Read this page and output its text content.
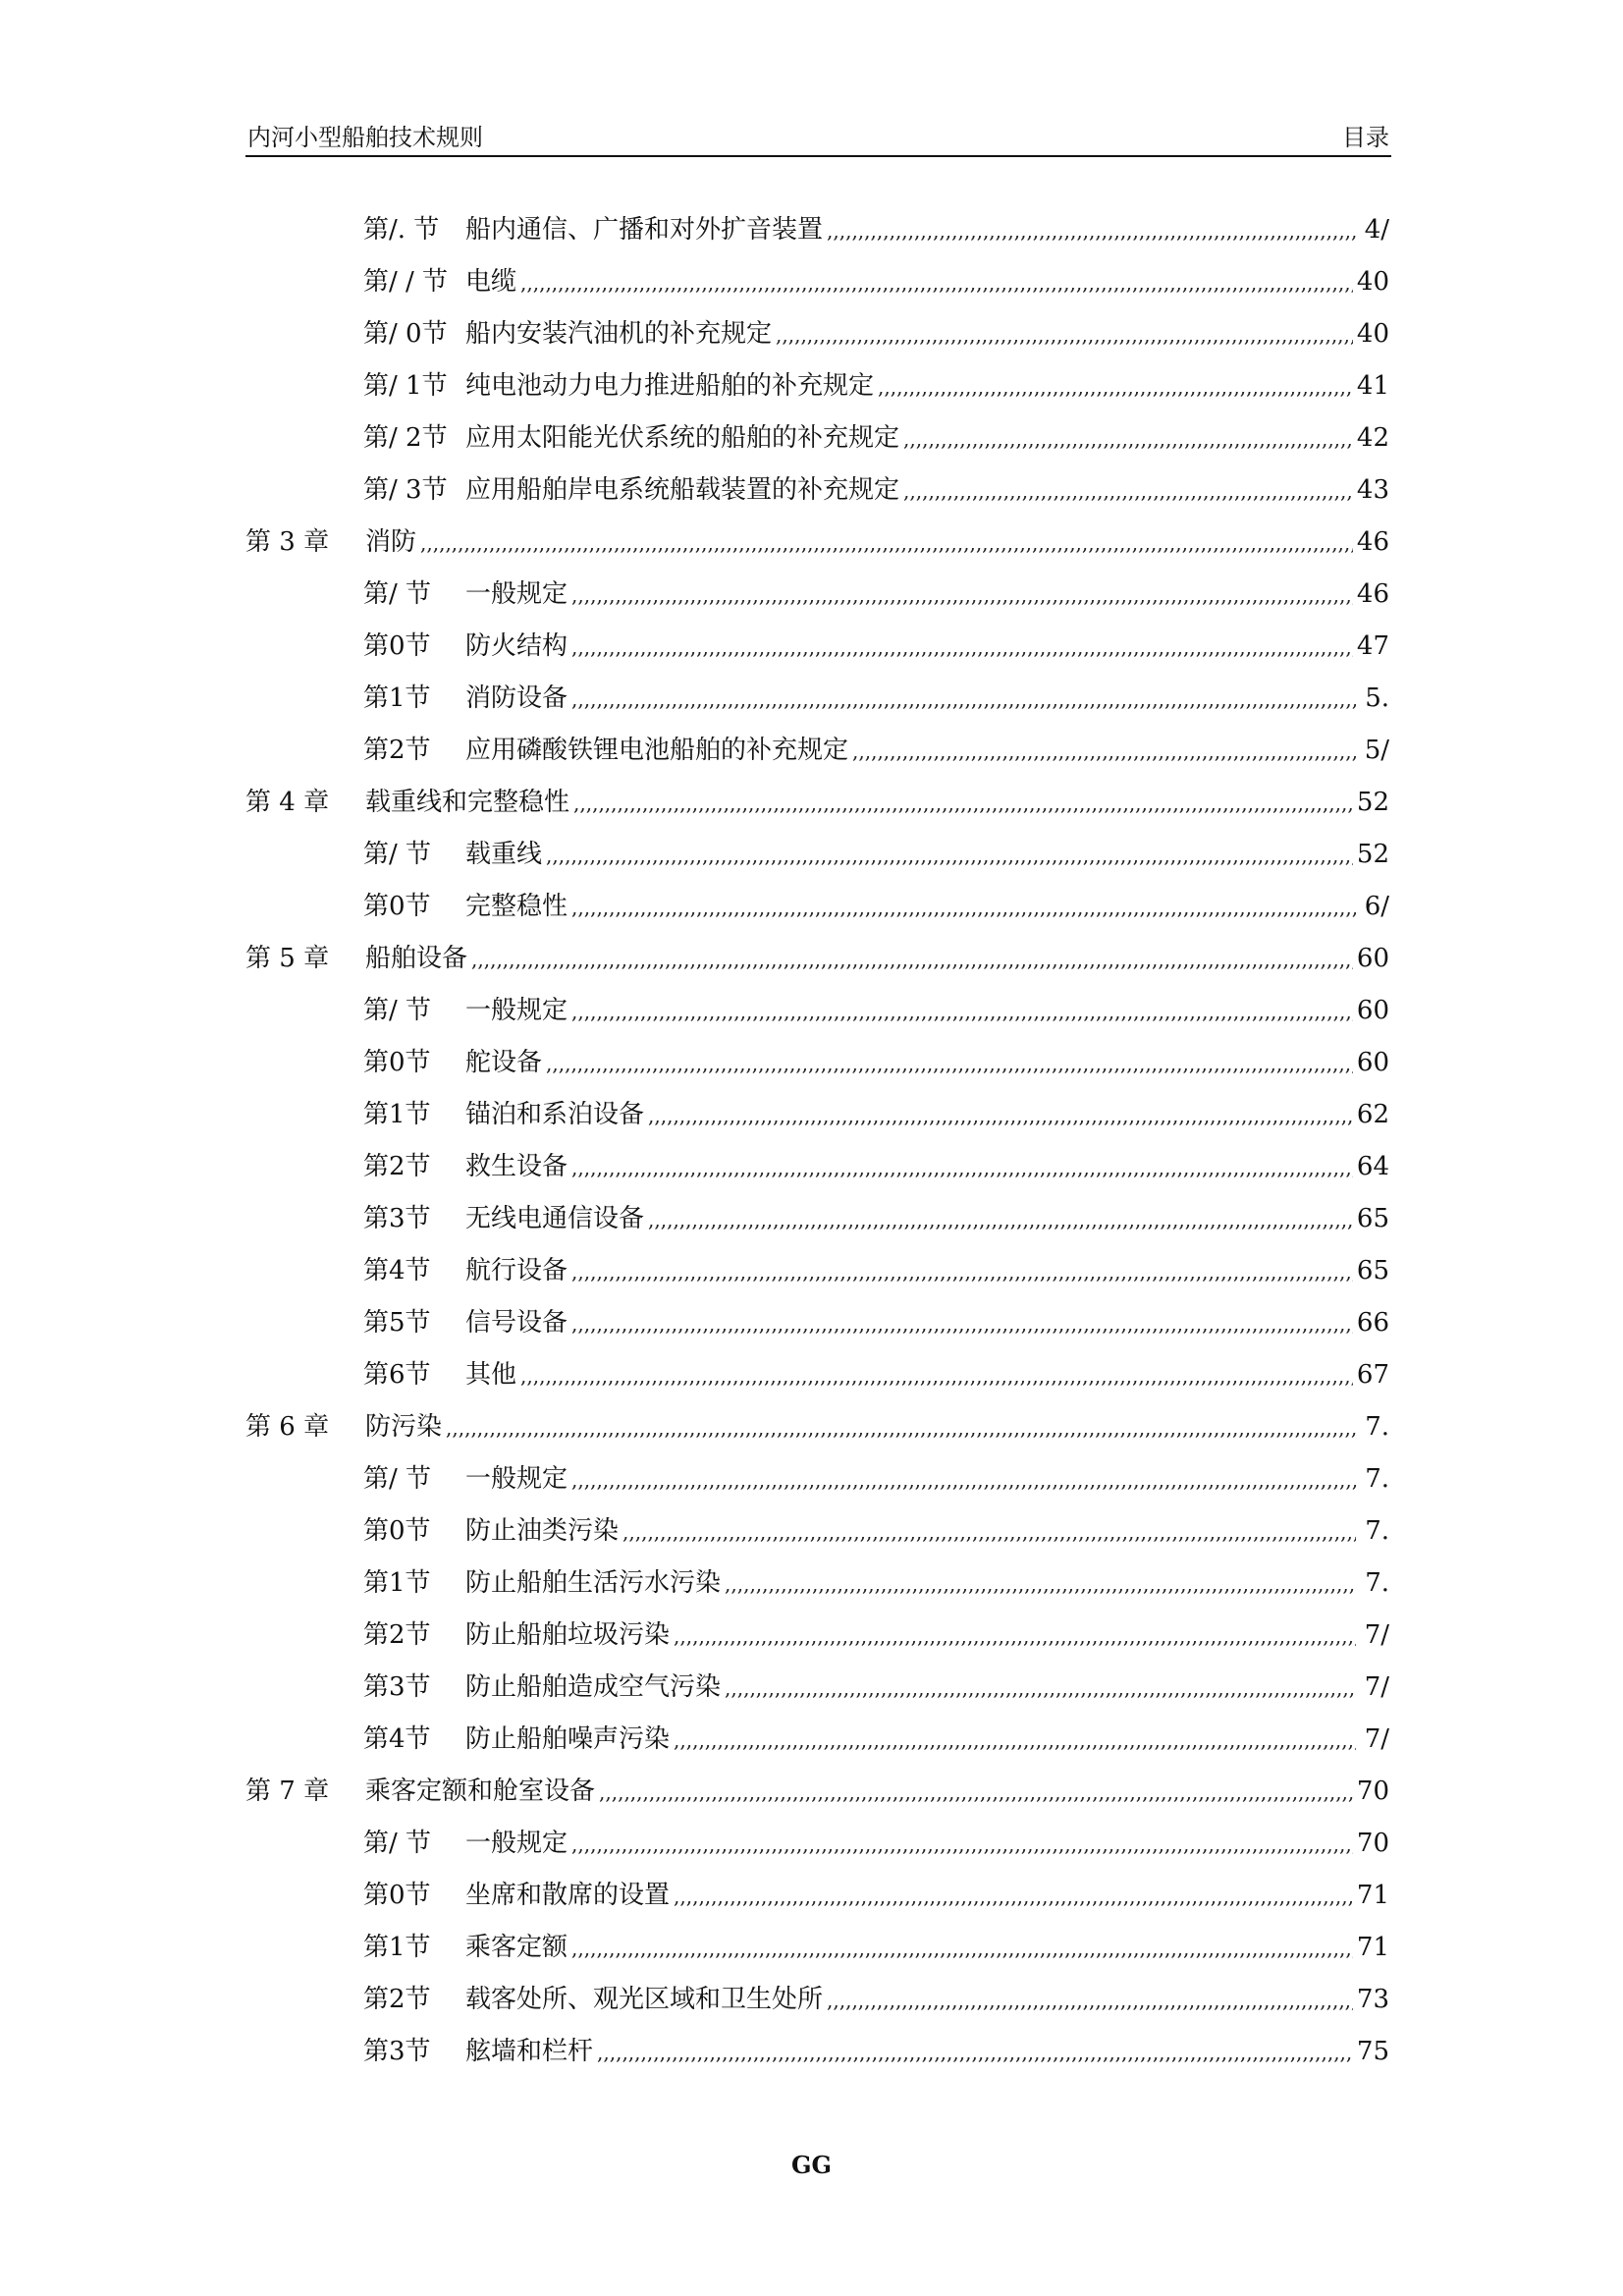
内河小型船舶技术规则	目录
第/. 节	船内通信、广播和对外扩音装置 ,,,,,,,,,,,,,,,,,,,,,,,,,,,,,,,,,,,,,,,,,,,,,,,,,,,,,,,,,,,,,,,,,,,,,,,,,,,,,,,,,,,,,,,,,,,,,,,,,,,,,,,,,,,,,,,,,,,,,,,,,,,,,,,,,,,,,,,,,,,,,,,,,,,,,,,,,,,,,,,,,,,,,,,,,,,,,,,,,,,,,,,,,,,,,,,,,,	4/
第/ / 节 电缆 ,,,,,,,,,,,,,,,,,,,,,,,,,,,,,,,,,,,,,,,,,,,,,,,,,,,,,,,,,,,,,,,,,,,,,,,,,,,,,,,,,,,,,,,,,,,,,,,,,,,,,,,,,,,,,,,,,,,,,,,,,,,,,,,,,,,,,,,,,,,,,,,,,,,,,,,,,,,,,,,,,,,,,,,,,,,,,,,,,,,,,,,,,,,,,,,,,,	40
第/ 0节 船内安装汽油机的补充规定 ,,,,,,,,,,,,,,,,,,,,,,,,,,,,,,,,,,,,,,,,,,,,,,,,,,,,,,,,,,,,,,,,,,,,,,,,,,,,,,,,,,,,,,,,,,,,,,,,,,,,,,,,,,,,,,,,,,,,,,,,,,,,,,,,,,,,,,,,,,,,,,,,,,,,,,,,,,,,,,,,,,,,,,,,,,,,,,,,,,,,,,,,,,,,,,,,,,	40
第/ 1节 纯电池动力电力推进船舶的补充规定 ,,,,,,,,,,,,,,,,,,,,,,,,,,,,,,,,,,,,,,,,,,,,,,,,,,,,,,,,,,,,,,,,,,,,,,,,,,,,,,,,,,,,,,,,,,,,,,,,,,,,,,,,,,,,,,,,,,,,,,,,,,,,,,,,,,,,,,,,,,,,,,,,,,,,,,,,,,,,,,,,,,,,,,,,,,,,,,,,,,,,,,,,,,,,,,,,,,	41
第/ 2节 应用太阳能光伏系统的船舶的补充规定 ,,,,,,,,,,,,,,,,,,,,,,,,,,,,,,,,,,,,,,,,,,,,,,,,,,,,,,,,,,,,,,,,,,,,,,,,,,,,,,,,,,,,,,,,,,,,,,,,,,,,,,,,,,,,,,,,,,,,,,,,,,,,,,,,,,,,,,,,,,,,,,,,,,,,,,,,,,,,,,,,,,,,,,,,,,,,,,,,,,,,,,,,,,,,,,,,,,	42
第/ 3节 应用船舶岸电系统船载装置的补充规定 ,,,,,,,,,,,,,,,,,,,,,,,,,,,,,,,,,,,,,,,,,,,,,,,,,,,,,,,,,,,,,,,,,,,,,,,,,,,,,,,,,,,,,,,,,,,,,,,,,,,,,,,,,,,,,,,,,,,,,,,,,,,,,,,,,,,,,,,,,,,,,,,,,,,,,,,,,,,,,,,,,,,,,,,,,,,,,,,,,,,,,,,,,,,,,,,,,,	43
第 3 章	消防 ,,,,,,,,,,,,,,,,,,,,,,,,,,,,,,,,,,,,,,,,,,,,,,,,,,,,,,,,,,,,,,,,,,,,,,,,,,,,,,,,,,,,,,,,,,,,,,,,,,,,,,,,,,,,,,,,,,,,,,,,,,,,,,,,,,,,,,,,,,,,,,,,,,,,,,,,,,,,,,,,,,,,,,,,,,,,,,,,,,,,,,,,,,,,,,,,,,	46
第/ 节	一般规定 ,,,,,,,,,,,,,,,,,,,,,,,,,,,,,,,,,,,,,,,,,,,,,,,,,,,,,,,,,,,,,,,,,,,,,,,,,,,,,,,,,,,,,,,,,,,,,,,,,,,,,,,,,,,,,,,,,,,,,,,,,,,,,,,,,,,,,,,,,,,,,,,,,,,,,,,,,,,,,,,,,,,,,,,,,,,,,,,,,,,,,,,,,,,,,,,,,,	46
第0节	防火结构 ,,,,,,,,,,,,,,,,,,,,,,,,,,,,,,,,,,,,,,,,,,,,,,,,,,,,,,,,,,,,,,,,,,,,,,,,,,,,,,,,,,,,,,,,,,,,,,,,,,,,,,,,,,,,,,,,,,,,,,,,,,,,,,,,,,,,,,,,,,,,,,,,,,,,,,,,,,,,,,,,,,,,,,,,,,,,,,,,,,,,,,,,,,,,,,,,,,	47
第1节	消防设备 ,,,,,,,,,,,,,,,,,,,,,,,,,,,,,,,,,,,,,,,,,,,,,,,,,,,,,,,,,,,,,,,,,,,,,,,,,,,,,,,,,,,,,,,,,,,,,,,,,,,,,,,,,,,,,,,,,,,,,,,,,,,,,,,,,,,,,,,,,,,,,,,,,,,,,,,,,,,,,,,,,,,,,,,,,,,,,,,,,,,,,,,,,,,,,,,,,,	5.
第2节	应用磷酸铁锂电池船舶的补充规定 ,,,,,,,,,,,,,,,,,,,,,,,,,,,,,,,,,,,,,,,,,,,,,,,,,,,,,,,,,,,,,,,,,,,,,,,,,,,,,,,,,,,,,,,,,,,,,,,,,,,,,,,,,,,,,,,,,,,,,,,,,,,,,,,,,,,,,,,,,,,,,,,,,,,,,,,,,,,,,,,,,,,,,,,,,,,,,,,,,,,,,,,,,,,,,,,,,,	5/
第 4 章	载重线和完整稳性 ,,,,,,,,,,,,,,,,,,,,,,,,,,,,,,,,,,,,,,,,,,,,,,,,,,,,,,,,,,,,,,,,,,,,,,,,,,,,,,,,,,,,,,,,,,,,,,,,,,,,,,,,,,,,,,,,,,,,,,,,,,,,,,,,,,,,,,,,,,,,,,,,,,,,,,,,,,,,,,,,,,,,,,,,,,,,,,,,,,,,,,,,,,,,,,,,,,	52
第/ 节	载重线 ,,,,,,,,,,,,,,,,,,,,,,,,,,,,,,,,,,,,,,,,,,,,,,,,,,,,,,,,,,,,,,,,,,,,,,,,,,,,,,,,,,,,,,,,,,,,,,,,,,,,,,,,,,,,,,,,,,,,,,,,,,,,,,,,,,,,,,,,,,,,,,,,,,,,,,,,,,,,,,,,,,,,,,,,,,,,,,,,,,,,,,,,,,,,,,,,,,	52
第0节	完整稳性 ,,,,,,,,,,,,,,,,,,,,,,,,,,,,,,,,,,,,,,,,,,,,,,,,,,,,,,,,,,,,,,,,,,,,,,,,,,,,,,,,,,,,,,,,,,,,,,,,,,,,,,,,,,,,,,,,,,,,,,,,,,,,,,,,,,,,,,,,,,,,,,,,,,,,,,,,,,,,,,,,,,,,,,,,,,,,,,,,,,,,,,,,,,,,,,,,,,	6/
第 5 章	船舶设备 ,,,,,,,,,,,,,,,,,,,,,,,,,,,,,,,,,,,,,,,,,,,,,,,,,,,,,,,,,,,,,,,,,,,,,,,,,,,,,,,,,,,,,,,,,,,,,,,,,,,,,,,,,,,,,,,,,,,,,,,,,,,,,,,,,,,,,,,,,,,,,,,,,,,,,,,,,,,,,,,,,,,,,,,,,,,,,,,,,,,,,,,,,,,,,,,,,,	60
第/ 节	一般规定 ,,,,,,,,,,,,,,,,,,,,,,,,,,,,,,,,,,,,,,,,,,,,,,,,,,,,,,,,,,,,,,,,,,,,,,,,,,,,,,,,,,,,,,,,,,,,,,,,,,,,,,,,,,,,,,,,,,,,,,,,,,,,,,,,,,,,,,,,,,,,,,,,,,,,,,,,,,,,,,,,,,,,,,,,,,,,,,,,,,,,,,,,,,,,,,,,,,	60
第0节	舵设备 ,,,,,,,,,,,,,,,,,,,,,,,,,,,,,,,,,,,,,,,,,,,,,,,,,,,,,,,,,,,,,,,,,,,,,,,,,,,,,,,,,,,,,,,,,,,,,,,,,,,,,,,,,,,,,,,,,,,,,,,,,,,,,,,,,,,,,,,,,,,,,,,,,,,,,,,,,,,,,,,,,,,,,,,,,,,,,,,,,,,,,,,,,,,,,,,,,,	60
第1节	锚泊和系泊设备 ,,,,,,,,,,,,,,,,,,,,,,,,,,,,,,,,,,,,,,,,,,,,,,,,,,,,,,,,,,,,,,,,,,,,,,,,,,,,,,,,,,,,,,,,,,,,,,,,,,,,,,,,,,,,,,,,,,,,,,,,,,,,,,,,,,,,,,,,,,,,,,,,,,,,,,,,,,,,,,,,,,,,,,,,,,,,,,,,,,,,,,,,,,,,,,,,,,	62
第2节	救生设备 ,,,,,,,,,,,,,,,,,,,,,,,,,,,,,,,,,,,,,,,,,,,,,,,,,,,,,,,,,,,,,,,,,,,,,,,,,,,,,,,,,,,,,,,,,,,,,,,,,,,,,,,,,,,,,,,,,,,,,,,,,,,,,,,,,,,,,,,,,,,,,,,,,,,,,,,,,,,,,,,,,,,,,,,,,,,,,,,,,,,,,,,,,,,,,,,,,,	64
第3节	无线电通信设备 ,,,,,,,,,,,,,,,,,,,,,,,,,,,,,,,,,,,,,,,,,,,,,,,,,,,,,,,,,,,,,,,,,,,,,,,,,,,,,,,,,,,,,,,,,,,,,,,,,,,,,,,,,,,,,,,,,,,,,,,,,,,,,,,,,,,,,,,,,,,,,,,,,,,,,,,,,,,,,,,,,,,,,,,,,,,,,,,,,,,,,,,,,,,,,,,,,,	65
第4节	航行设备 ,,,,,,,,,,,,,,,,,,,,,,,,,,,,,,,,,,,,,,,,,,,,,,,,,,,,,,,,,,,,,,,,,,,,,,,,,,,,,,,,,,,,,,,,,,,,,,,,,,,,,,,,,,,,,,,,,,,,,,,,,,,,,,,,,,,,,,,,,,,,,,,,,,,,,,,,,,,,,,,,,,,,,,,,,,,,,,,,,,,,,,,,,,,,,,,,,,	65
第5节	信号设备 ,,,,,,,,,,,,,,,,,,,,,,,,,,,,,,,,,,,,,,,,,,,,,,,,,,,,,,,,,,,,,,,,,,,,,,,,,,,,,,,,,,,,,,,,,,,,,,,,,,,,,,,,,,,,,,,,,,,,,,,,,,,,,,,,,,,,,,,,,,,,,,,,,,,,,,,,,,,,,,,,,,,,,,,,,,,,,,,,,,,,,,,,,,,,,,,,,,	66
第6节	其他 ,,,,,,,,,,,,,,,,,,,,,,,,,,,,,,,,,,,,,,,,,,,,,,,,,,,,,,,,,,,,,,,,,,,,,,,,,,,,,,,,,,,,,,,,,,,,,,,,,,,,,,,,,,,,,,,,,,,,,,,,,,,,,,,,,,,,,,,,,,,,,,,,,,,,,,,,,,,,,,,,,,,,,,,,,,,,,,,,,,,,,,,,,,,,,,,,,,	67
第 6 章	防污染 ,,,,,,,,,,,,,,,,,,,,,,,,,,,,,,,,,,,,,,,,,,,,,,,,,,,,,,,,,,,,,,,,,,,,,,,,,,,,,,,,,,,,,,,,,,,,,,,,,,,,,,,,,,,,,,,,,,,,,,,,,,,,,,,,,,,,,,,,,,,,,,,,,,,,,,,,,,,,,,,,,,,,,,,,,,,,,,,,,,,,,,,,,,,,,,,,,,	7.
第/ 节	一般规定 ,,,,,,,,,,,,,,,,,,,,,,,,,,,,,,,,,,,,,,,,,,,,,,,,,,,,,,,,,,,,,,,,,,,,,,,,,,,,,,,,,,,,,,,,,,,,,,,,,,,,,,,,,,,,,,,,,,,,,,,,,,,,,,,,,,,,,,,,,,,,,,,,,,,,,,,,,,,,,,,,,,,,,,,,,,,,,,,,,,,,,,,,,,,,,,,,,,	7.
第0节	防止油类污染 ,,,,,,,,,,,,,,,,,,,,,,,,,,,,,,,,,,,,,,,,,,,,,,,,,,,,,,,,,,,,,,,,,,,,,,,,,,,,,,,,,,,,,,,,,,,,,,,,,,,,,,,,,,,,,,,,,,,,,,,,,,,,,,,,,,,,,,,,,,,,,,,,,,,,,,,,,,,,,,,,,,,,,,,,,,,,,,,,,,,,,,,,,,,,,,,,,,	7.
第1节	防止船舶生活污水污染 ,,,,,,,,,,,,,,,,,,,,,,,,,,,,,,,,,,,,,,,,,,,,,,,,,,,,,,,,,,,,,,,,,,,,,,,,,,,,,,,,,,,,,,,,,,,,,,,,,,,,,,,,,,,,,,,,,,,,,,,,,,,,,,,,,,,,,,,,,,,,,,,,,,,,,,,,,,,,,,,,,,,,,,,,,,,,,,,,,,,,,,,,,,,,,,,,,,	7.
第2节	防止船舶垃圾污染 ,,,,,,,,,,,,,,,,,,,,,,,,,,,,,,,,,,,,,,,,,,,,,,,,,,,,,,,,,,,,,,,,,,,,,,,,,,,,,,,,,,,,,,,,,,,,,,,,,,,,,,,,,,,,,,,,,,,,,,,,,,,,,,,,,,,,,,,,,,,,,,,,,,,,,,,,,,,,,,,,,,,,,,,,,,,,,,,,,,,,,,,,,,,,,,,,,,	7/
第3节	防止船舶造成空气污染 ,,,,,,,,,,,,,,,,,,,,,,,,,,,,,,,,,,,,,,,,,,,,,,,,,,,,,,,,,,,,,,,,,,,,,,,,,,,,,,,,,,,,,,,,,,,,,,,,,,,,,,,,,,,,,,,,,,,,,,,,,,,,,,,,,,,,,,,,,,,,,,,,,,,,,,,,,,,,,,,,,,,,,,,,,,,,,,,,,,,,,,,,,,,,,,,,,,	7/
第4节	防止船舶噪声污染 ,,,,,,,,,,,,,,,,,,,,,,,,,,,,,,,,,,,,,,,,,,,,,,,,,,,,,,,,,,,,,,,,,,,,,,,,,,,,,,,,,,,,,,,,,,,,,,,,,,,,,,,,,,,,,,,,,,,,,,,,,,,,,,,,,,,,,,,,,,,,,,,,,,,,,,,,,,,,,,,,,,,,,,,,,,,,,,,,,,,,,,,,,,,,,,,,,,	7/
第 7 章	乘客定额和舱室设备 ,,,,,,,,,,,,,,,,,,,,,,,,,,,,,,,,,,,,,,,,,,,,,,,,,,,,,,,,,,,,,,,,,,,,,,,,,,,,,,,,,,,,,,,,,,,,,,,,,,,,,,,,,,,,,,,,,,,,,,,,,,,,,,,,,,,,,,,,,,,,,,,,,,,,,,,,,,,,,,,,,,,,,,,,,,,,,,,,,,,,,,,,,,,,,,,,,,	70
第/ 节	一般规定 ,,,,,,,,,,,,,,,,,,,,,,,,,,,,,,,,,,,,,,,,,,,,,,,,,,,,,,,,,,,,,,,,,,,,,,,,,,,,,,,,,,,,,,,,,,,,,,,,,,,,,,,,,,,,,,,,,,,,,,,,,,,,,,,,,,,,,,,,,,,,,,,,,,,,,,,,,,,,,,,,,,,,,,,,,,,,,,,,,,,,,,,,,,,,,,,,,,	70
第0节	坐席和散席的设置 ,,,,,,,,,,,,,,,,,,,,,,,,,,,,,,,,,,,,,,,,,,,,,,,,,,,,,,,,,,,,,,,,,,,,,,,,,,,,,,,,,,,,,,,,,,,,,,,,,,,,,,,,,,,,,,,,,,,,,,,,,,,,,,,,,,,,,,,,,,,,,,,,,,,,,,,,,,,,,,,,,,,,,,,,,,,,,,,,,,,,,,,,,,,,,,,,,,	71
第1节	乘客定额 ,,,,,,,,,,,,,,,,,,,,,,,,,,,,,,,,,,,,,,,,,,,,,,,,,,,,,,,,,,,,,,,,,,,,,,,,,,,,,,,,,,,,,,,,,,,,,,,,,,,,,,,,,,,,,,,,,,,,,,,,,,,,,,,,,,,,,,,,,,,,,,,,,,,,,,,,,,,,,,,,,,,,,,,,,,,,,,,,,,,,,,,,,,,,,,,,,,	71
第2节	载客处所、观光区域和卫生处所 ,,,,,,,,,,,,,,,,,,,,,,,,,,,,,,,,,,,,,,,,,,,,,,,,,,,,,,,,,,,,,,,,,,,,,,,,,,,,,,,,,,,,,,,,,,,,,,,,,,,,,,,,,,,,,,,,,,,,,,,,,,,,,,,,,,,,,,,,,,,,,,,,,,,,,,,,,,,,,,,,,,,,,,,,,,,,,,,,,,,,,,,,,,,,,,,,,,	73
第3节	舷墙和栏杆 ,,,,,,,,,,,,,,,,,,,,,,,,,,,,,,,,,,,,,,,,,,,,,,,,,,,,,,,,,,,,,,,,,,,,,,,,,,,,,,,,,,,,,,,,,,,,,,,,,,,,,,,,,,,,,,,,,,,,,,,,,,,,,,,,,,,,,,,,,,,,,,,,,,,,,,,,,,,,,,,,,,,,,,,,,,,,,,,,,,,,,,,,,,,,,,,,,,	75
GG
